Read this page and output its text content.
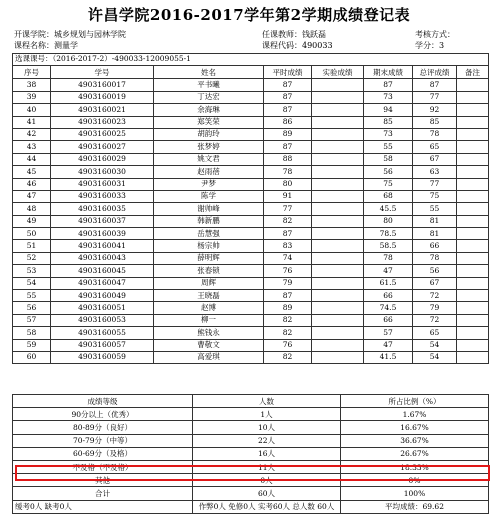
许昌学院2016-2017学年第2学期成绩登记表
开课学院：城乡规划与园林学院	任课教师：钱跃磊	考核方式：
课程名称：测量学	课程代码：490033	学分：3
选课课号：（2016-2017-2）-490033-12009055-1							
序号	学号	姓名	平时成绩	实验成绩	期末成绩	总评成绩	备注
38	4903160017	平书曦	87		87	87	
39	4903160019	丁达宏	87		73	77	
40	4903160021	余海琳	87		94	92	
41	4903160023	郑笑荣	86		85	85	
42	4903160025	胡韵玲	89		73	78	
43	4903160027	张梦婷	87		55	65	
44	4903160029	姚文君	88		58	67	
45	4903160030	赵雨蓓	78		56	63	
46	4903160031	尹梦	80		75	77	
47	4903160033	陈学	91		68	75	
48	4903160035	谢帅峰	77		45.5	55	
49	4903160037	韩新鹏	82		80	81	
50	4903160039	岳慧强	87		78.5	81	
51	4903160041	杨宗帅	83		58.5	66	
52	4903160043	薛明辉	74		78	78	
53	4903160045	张春锁	76		47	56	
54	4903160047	周辉	79		61.5	67	
55	4903160049	王晓磊	87		66	72	
56	4903160051	赵博	89		74.5	79	
57	4903160053	柳一	82		66	72	
58	4903160055	熊钱永	82		57	65	
59	4903160057	曹敬文	76		47	54	
60	4903160059	高爱琪	82		41.5	54	
成绩等级	人数	所占比例（%）
90分以上（优秀）	1人	1.67%
80-89分（良好）	10人	16.67%
70-79分（中等）	22人	36.67%
60-69分（及格）	16人	26.67%
不及格（不及格）	11人	18.33%
其他	0人	0%
合计	60人	100%
缓考0人 缺考0人	作弊0人 免修0人 实考60人 总人数 60人	平均成绩：69.62
